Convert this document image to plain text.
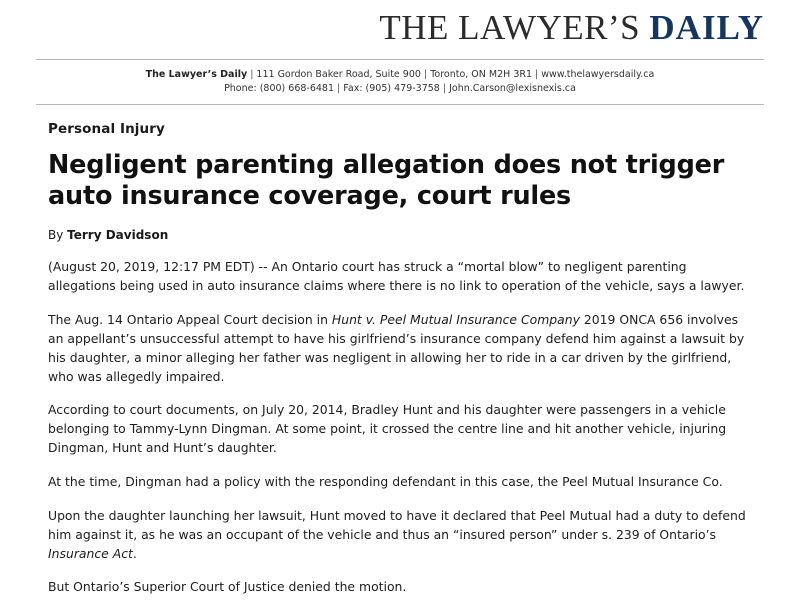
THE LAWYER’S DAILY
The Lawyer’s Daily | 111 Gordon Baker Road, Suite 900 | Toronto, ON M2H 3R1 | www.thelawyersdaily.ca
Phone: (800) 668-6481 | Fax: (905) 479-3758 | John.Carson@lexisnexis.ca
Personal Injury
Negligent parenting allegation does not trigger auto insurance coverage, court rules
By Terry Davidson

(August 20, 2019, 12:17 PM EDT) -- An Ontario court has struck a “mortal blow” to negligent parenting allegations being used in auto insurance claims where there is no link to operation of the vehicle, says a lawyer.

The Aug. 14 Ontario Appeal Court decision in Hunt v. Peel Mutual Insurance Company 2019 ONCA 656 involves an appellant’s unsuccessful attempt to have his girlfriend’s insurance company defend him against a lawsuit by his daughter, a minor alleging her father was negligent in allowing her to ride in a car driven by the girlfriend, who was allegedly impaired.

According to court documents, on July 20, 2014, Bradley Hunt and his daughter were passengers in a vehicle belonging to Tammy-Lynn Dingman. At some point, it crossed the centre line and hit another vehicle, injuring Dingman, Hunt and Hunt’s daughter.

At the time, Dingman had a policy with the responding defendant in this case, the Peel Mutual Insurance Co.

Upon the daughter launching her lawsuit, Hunt moved to have it declared that Peel Mutual had a duty to defend him against it, as he was an occupant of the vehicle and thus an “insured person” under s. 239 of Ontario’s Insurance Act.

But Ontario’s Superior Court of Justice denied the motion.
